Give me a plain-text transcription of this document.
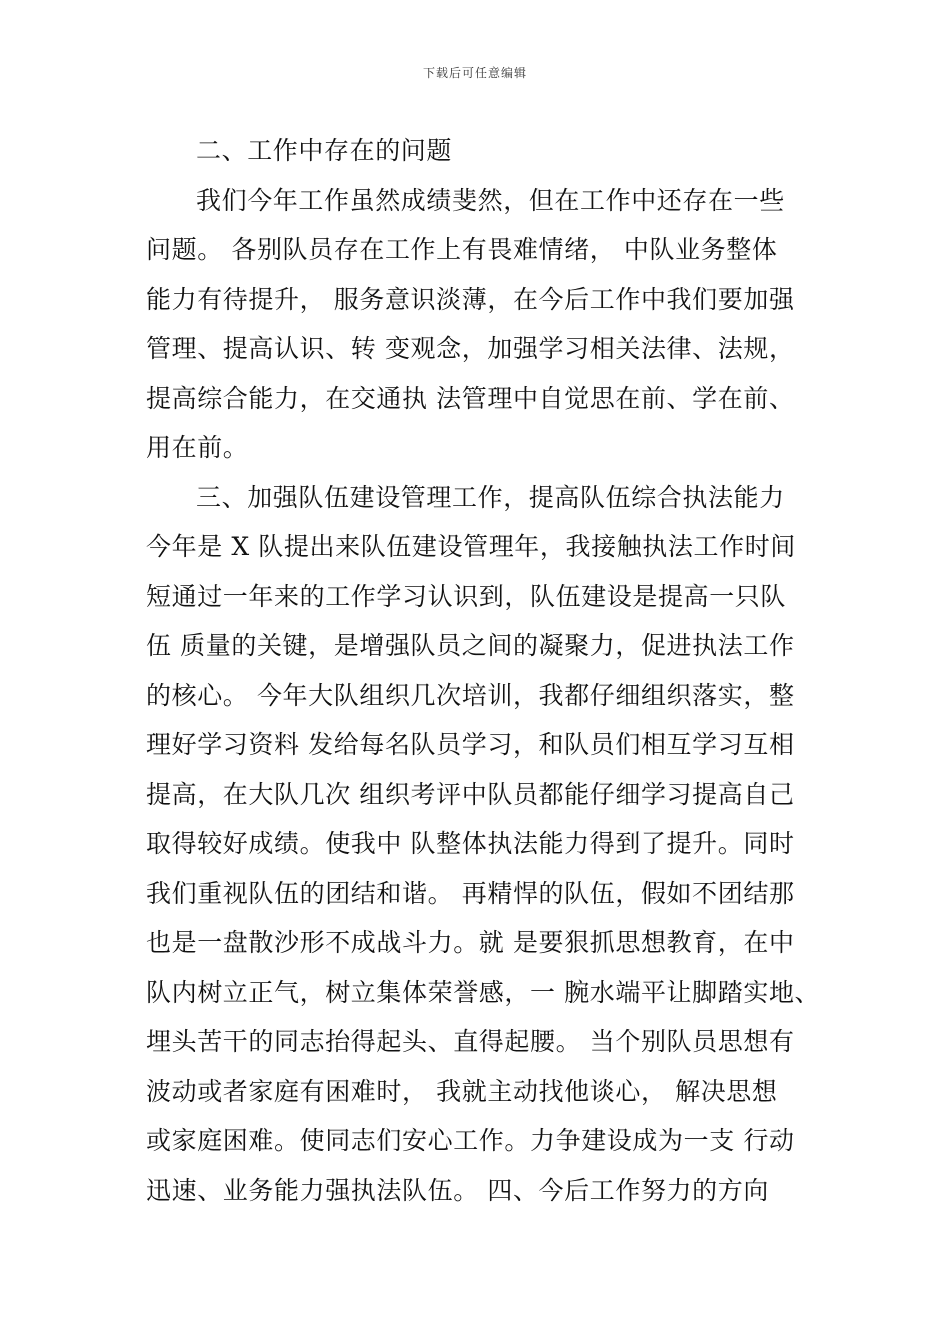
下载后可任意编辑
二、工作中存在的问题
我们今年工作虽然成绩斐然，但在工作中还存在一些
问题。 各别队员存在工作上有畏难情绪， 中队业务整体
能力有待提升， 服务意识淡薄，在今后工作中我们要加强
管理、提高认识、转 变观念，加强学习相关法律、法规，
提高综合能力，在交通执 法管理中自觉思在前、学在前、
用在前。
三、加强队伍建设管理工作，提高队伍综合执法能力
今年是 X 队提出来队伍建设管理年，我接触执法工作时间
短通过一年来的工作学习认识到，队伍建设是提高一只队
伍 质量的关键，是增强队员之间的凝聚力，促进执法工作
的核心。 今年大队组织几次培训，我都仔细组织落实，整
理好学习资料 发给每名队员学习，和队员们相互学习互相
提高，在大队几次 组织考评中队员都能仔细学习提高自己
取得较好成绩。使我中 队整体执法能力得到了提升。同时
我们重视队伍的团结和谐。 再精悍的队伍，假如不团结那
也是一盘散沙形不成战斗力。就 是要狠抓思想教育，在中
队内树立正气，树立集体荣誉感，一 腕水端平让脚踏实地、
埋头苦干的同志抬得起头、直得起腰。 当个别队员思想有
波动或者家庭有困难时， 我就主动找他谈心， 解决思想
或家庭困难。使同志们安心工作。力争建设成为一支 行动
迅速、业务能力强执法队伍。 四、今后工作努力的方向
